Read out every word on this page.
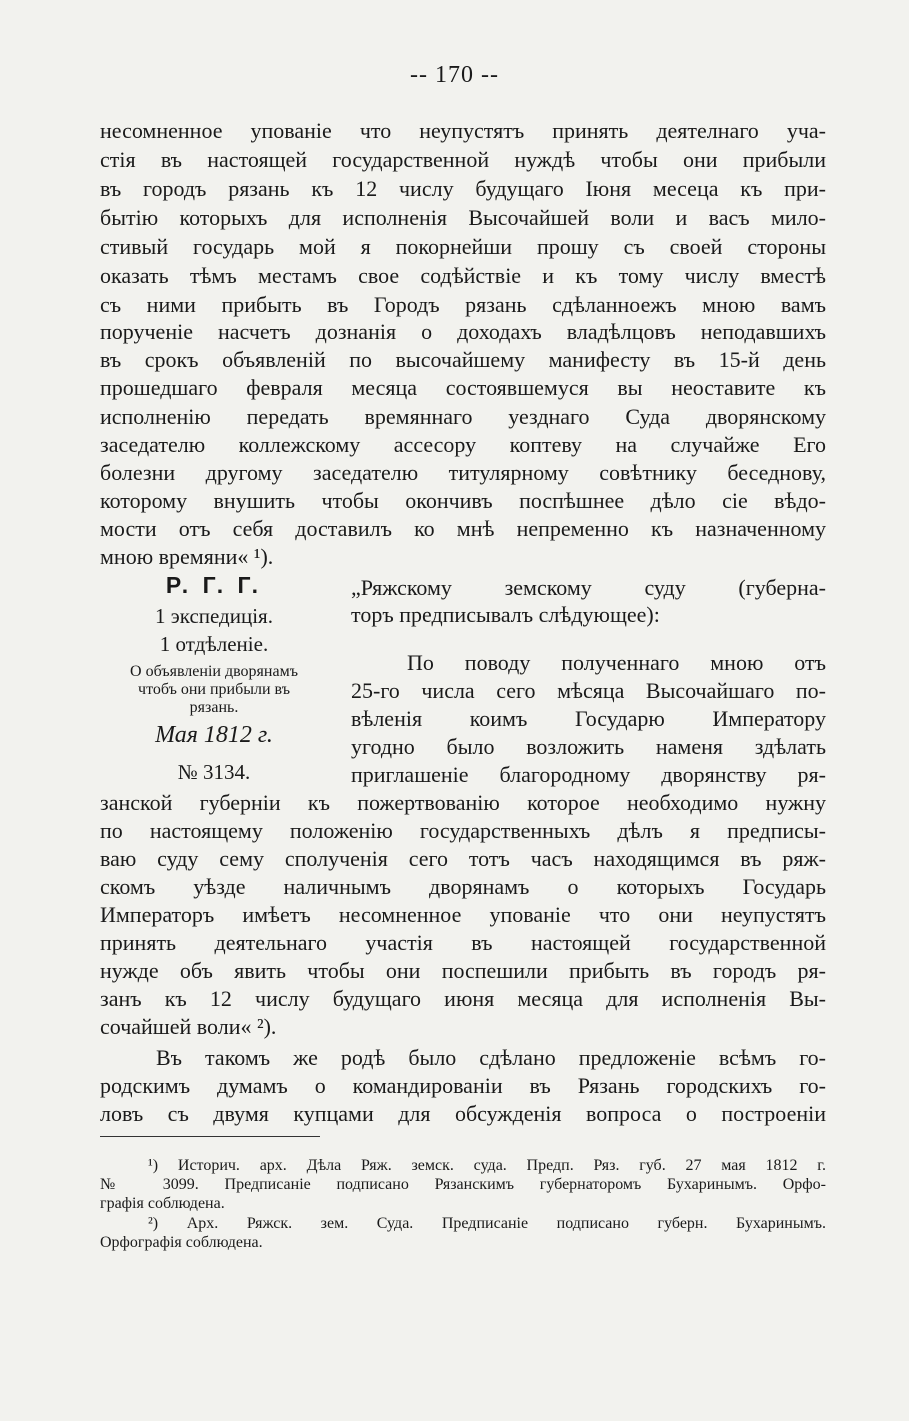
-- 170 --
несомненное упованіе что неупустятъ принять деятелнаго уча-
стія въ настоящей государственной нуждѣ чтобы они прибыли
въ городъ рязань къ 12 числу будущаго Іюня месеца къ при-
бытію которыхъ для исполненія Высочайшей воли и васъ мило-
стивый государь мой я покорнейши прошу съ своей стороны
оказать тѣмъ местамъ свое содѣйствіе и къ тому числу вместѣ
съ ними прибыть въ Городъ рязань сдѣланноежъ мною вамъ
порученіе насчетъ дознанія о доходахъ владѣлцовъ неподавшихъ
въ срокъ объявленій по высочайшему манифесту въ 15-й день
прошедшаго февраля месяца состоявшемуся вы неоставите къ
исполненію передать времяннаго уезднаго Суда дворянскому
заседателю коллежскому ассесору коптеву на случайже Его
болезни другому заседателю титулярному совѣтнику беседнову,
которому внушить чтобы окончивъ поспѣшнее дѣло сіе вѣдо-
мости отъ себя доставилъ ко мнѣ непременно къ назначенному
мною времяни« ¹).
Р. Г. Г.
1 экспедиція.
1 отдѣленіе.
О объявленіи дворянамъ
чтобъ они прибыли въ
рязань.
Мая 1812 г.
№ 3134.
„Ряжскому земскому суду (губерна-
торъ предписывалъ слѣдующее):
По поводу полученнаго мною отъ
25-го числа сего мѣсяца Высочайшаго по-
вѣленія коимъ Государю Императору
угодно было возложить наменя здѣлать
приглашеніе благородному дворянству ря-
занской губерніи къ пожертвованію которое необходимо нужну
по настоящему положенію государственныхъ дѣлъ я предписы-
ваю суду сему сполученія сего тотъ часъ находящимся въ ряж-
скомъ уѣзде наличнымъ дворянамъ о которыхъ Государь
Императоръ имѣетъ несомненное упованіе что они неупустятъ
принять деятельнаго участія въ настоящей государственной
нужде объ явить чтобы они поспешили прибыть въ городъ ря-
занъ къ 12 числу будущаго июня месяца для исполненія Вы-
сочайшей воли« ²).
Въ такомъ же родѣ было сдѣлано предложеніе всѣмъ го-
родскимъ думамъ о командированіи въ Рязань городскихъ го-
ловъ съ двумя купцами для обсужденія вопроса о построеніи
¹) Историч. арх. Дѣла Ряж. земск. суда. Предп. Ряз. губ. 27 мая 1812 г.
№ 3099. Предписаніе подписано Рязанскимъ губернаторомъ Бухаринымъ. Орфо-
графія соблюдена.
²) Арх. Ряжск. зем. Суда. Предписаніе подписано губерн. Бухаринымъ.
Орфографія соблюдена.
